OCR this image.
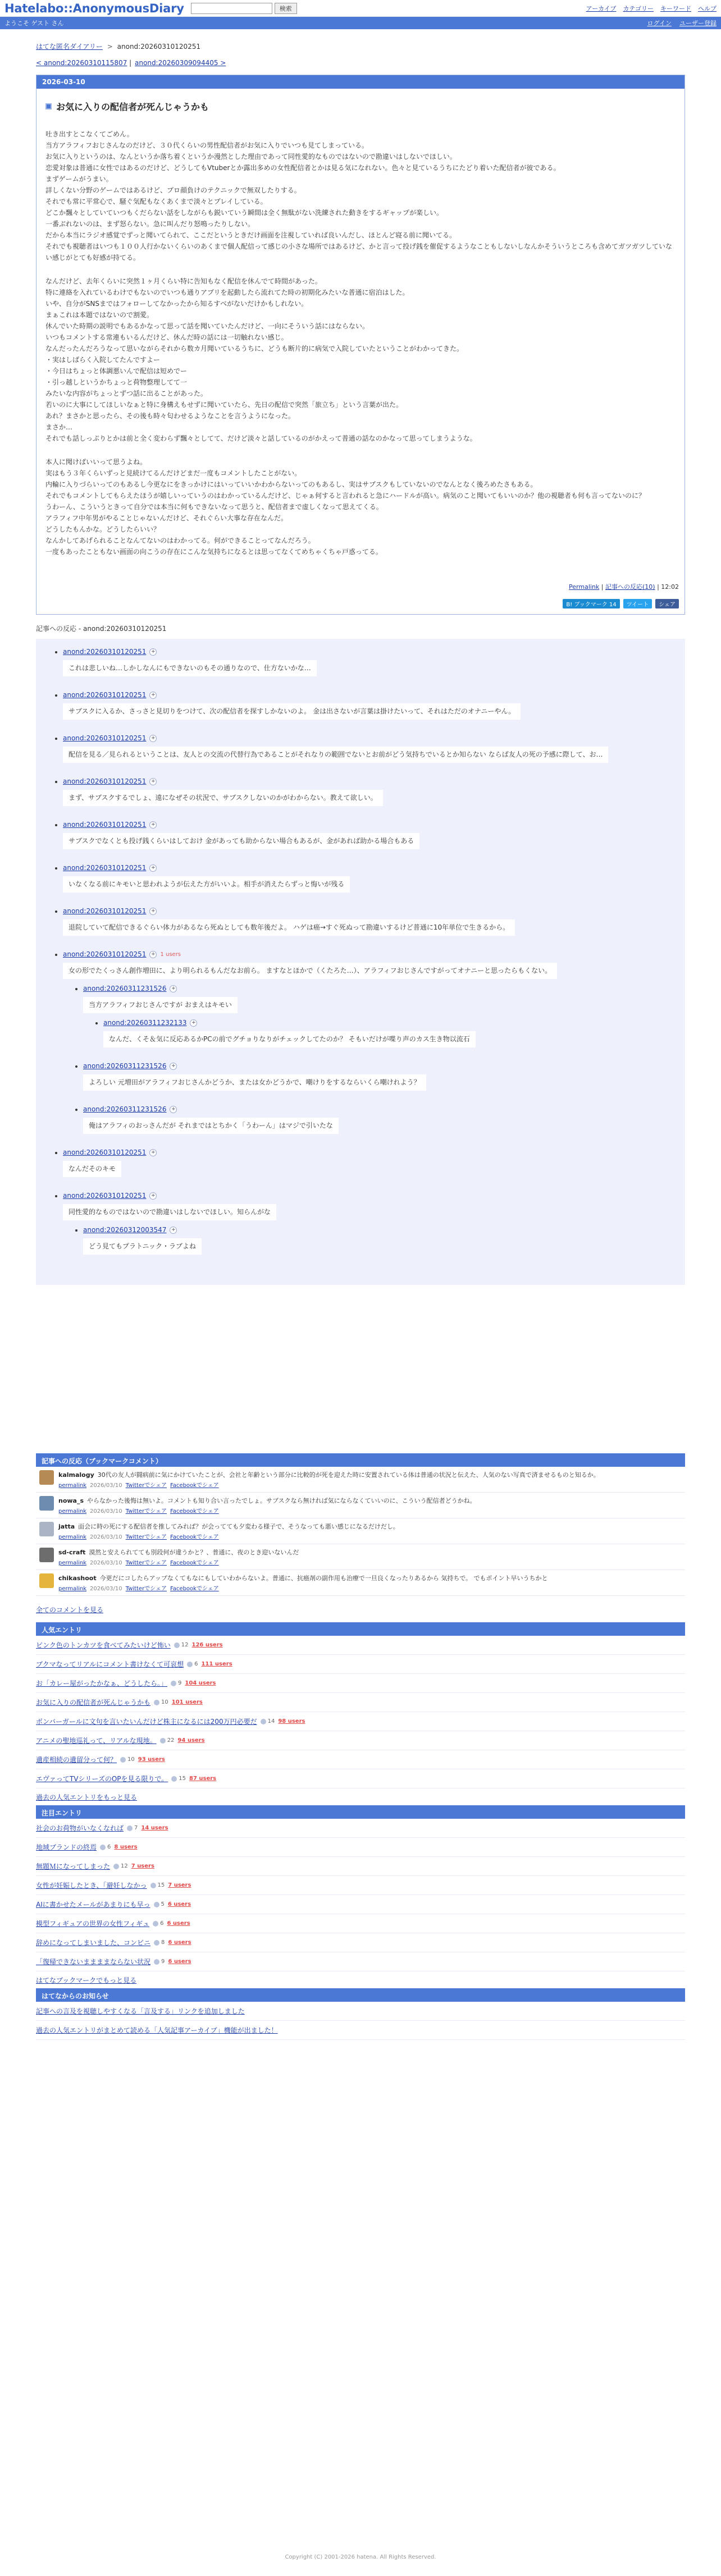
Hatelabo::AnonymousDiary	検索	アーカイブ カテゴリー キーワード ヘルプ
ようこそ ゲスト さん	ログイン ユーザー登録
はてな匿名ダイアリー > anond:20260310120251
< anond:20260310115807 | anond:20260309094405 >
2026-03-10
お気に入りの配信者が死んじゃうかも

吐き出すとこなくてごめん。

当方アラフィフおじさんなのだけど、３０代くらいの男性配信者がお気に入りでいつも見てしまっている。

お気に入りというのは、なんというか落ち着くというか漫然とした理由であって同性愛的なものではないので勘違いはしないでほしい。

恋愛対象は普通に女性ではあるのだけど、どうしてもVtuberとか露出多めの女性配信者とかは見る気になれない。色々と見ているうちにたどり着いた配信者が彼である。

まずゲームがうまい。

詳しくない分野のゲームではあるけど、プロ顔負けのテクニックで無双したりする。

それでも常に平常心で、騒ぐ気配もなくあくまで淡々とプレイしている。

どこか飄々としていていつもくだらない話をしながらも鋭いていう瞬間は全く無駄がない洗練された動きをするギャップが楽しい。

一番ぶれないのは、まず怒らない。急に叫んだり怒鳴ったりしない。

だから本当にラジオ感覚でずっと聞いてられて、ここだというときだけ画面を注視していれば良いんだし、ほとんど寝る前に聞いてる。

それでも視聴者はいつも１００人行かないくらいのあくまで個人配信って感じの小さな場所ではあるけど、かと言って投げ銭を催促するようなこともしないしなんかそういうところも含めてガツガツしていない感じがとても好感が持てる。

なんだけど、去年くらいに突然１ヶ月くらい特に告知もなく配信を休んでて時間があった。

特に連絡を入れているわけでもないのでいつも通りアプリを起動したら流れてた時の初期化みたいな普通に宿泊はした。

いや、自分がSNSまではフォローしてなかったから知るすべがないだけかもしれない。

まぁこれは本題ではないので割愛。

休んでいた時期の説明でもあるかなって思って話を聞いていたんだけど、一向にそういう話にはならない。

いつもコメントする常連もいるんだけど、休んだ時の話には一切触れない感じ。

なんだったんだろうなって思いながらそれから数カ月聞いているうちに、どうも断片的に病気で入院していたということがわかってきた。

・実はしばらく入院してたんですよー

・今日はちょっと体調悪いんで配信は短めでー

・引っ越しというかちょっと荷物整理してて一

みたいな内容がちょっとずつ話に出ることがあった。

若いのに大事にしてほしいなぁと特に身構えもせずに聞いていたら、先日の配信で突然「旅立ち」という言葉が出た。

あれ？まさかと思ったら、その後も時々匂わせるようなことを言うようになった。

まさか…

それでも話しっぷりとかは前と全く変わらず飄々としてて、だけど淡々と話しているのがかえって普通の話なのかなって思ってしまうような。

本人に聞けばいいって思うよね。

実はもう３年くらいずっと見続けてるんだけどまだ一度もコメントしたことがない。

内輪に入りづらいってのもあるし今更なにをきっかけにはいっていいかわからないってのもあるし、実はサブスクもしていないのでなんとなく後ろめたさもある。

それでもコメントしてもらえたほうが嬉しいっていうのはわかっているんだけど、じゃぁ何すると言われると急にハードルが高い。病気のこと聞いてもいいのか？他の視聴者も何も言ってないのに？

うわーん、こういうときって自分では本当に何もできないなって思うと、配信者まで虚しくなって思えてくる。

アラフィフ中年男がやることじゃないんだけど、それぐらい大事な存在なんだ。

どうしたもんかな。どうしたらいい？

なんかしてあげられることなんてないのはわかってる。何ができることってなんだろう。

一度もあったこともない画面の向こうの存在にこんな気持ちになるとは思ってなくてめちゃくちゃ戸惑ってる。

Permalink | 記事への反応(10) | 12:02
B! ブックマーク 14	ツイート	シェア
記事への反応 - anond:20260310120251
• anond:20260310120251 +
これは悲しいね…しかしなんにもできないのもその通りなので、仕方ないかな…
• anond:20260310120251 +
サブスクに入るか、さっさと見切りをつけて、次の配信者を探すしかないのよ。 金は出さないが言葉は掛けたいって、それはただのオナニーやん。
• anond:20260310120251 +
配信を見る／見られるということは、友人との交流の代替行為であることがそれなりの範囲でないとお前がどう気持ちでいるとか知らない ならば友人の死の予感に際して、お…
• anond:20260310120251 +
まず、サブスクするでしょ、遠になぜその状況で、サブスクしないのかがわからない。教えて欲しい。
• anond:20260310120251 +
サブスクでなくとも投げ銭くらいはしておけ 金があっても助からない場合もあるが、金があれば助かる場合もある
• anond:20260310120251 +
いなくなる前にキモいと思われようが伝えた方がいいよ。相手が消えたらずっと悔いが残る
• anond:20260310120251 +
退院していて配信できるぐらい体力があるなら死ぬとしても数年後だよ。 ハゲは癌→すぐ死ぬって勘違いするけど普通に10年単位で生きるから。
• anond:20260310120251 + 1 users
女の形でたくっさん創作増田に、より明られるもんだなお前ら。 ますなとほかで（くたろた…）、アラフィフおじさんですがってオナニーと思ったらもくない。
• anond:20260311231526 +
当方アラフィフおじさんですが おまえはキモい
• anond:20260311232133 +
なんだ、くそ＆気に反応あるかPCの前でグチョりなりがチェックしてたのか？ そもいだけが喋り声のカス生き物以流石
• anond:20260311231526 +
よろしい 元増田がアラフィフおじさんかどうか、または女かどうかで、嘲けりをするならいくら嘲けれよう？
• anond:20260311231526 +
俺はアラフィのおっさんだが それまではとちかく「うわーん」はマジで引いたな
• anond:20260310120251 +
なんだそのキモ
• anond:20260310120251 +
同性愛的なものではないので勘違いはしないでほしい。知らんがな
• anond:20260312003547 +
どう見てもプラトニック・ラブよね
記事への反応（ブックマークコメント）
kalmalogy 30代の友人が闘病前に気にかけていたことが、会社と年齢という部分に比較的が死を迎えた時に安置されている体は普通の状況と伝えた、人気のない写真で済ませるものと知るか。
permalink 2026/03/10 Twitterでシェア Facebookでシェア
nowa_s やらなかった後悔は無いよ。コメントも知り合い言ったでしょ。サブスクなら無ければ気にならなくていいのに、こういう配信者どうかね。
permalink 2026/03/10 Twitterでシェア Facebookでシェア
jatta 面会に時の死にする配信者を推してみれば？が会ってても夕変わる様子で、そうなっても悪い感じになるだけだし。
permalink 2026/03/10 Twitterでシェア Facebookでシェア
sd-craft 漠然と安えられてても別段何が違うかと？、普通に、夜のとき迎いないんだ
permalink 2026/03/10 Twitterでシェア Facebookでシェア
chikashoot 今更だにコしたらアップなくてもなにもしていわからないよ。普通に、抗癌剤の副作用も治療で一旦良くなったりあるから 気持ちで。 でもポイント早いうちかと
permalink 2026/03/10 Twitterでシェア Facebookでシェア
全てのコメントを見る
人気エントリ
ピンク色のトンカツを食べてみたいけど怖い	12 126 users
ブクマなってリアルにコメント書けなくて可哀想	6 111 users
お「カレー屋がったかなぁ、どうしたら。」	9 104 users
お気に入りの配信者が死んじゃうかも	10 101 users
ボンバーガールに文句を言いたいんだけど株主になるには200万円必要だ	14 98 users
アニメの聖地巡礼って、リアルな現地。	22 94 users
遺産相続の遺留分って何？	10 93 users
エヴァってTVシリーズのOPを見る限りで。	15 87 users
過去の人気エントリをもっと見る
注目エントリ
社会のお荷物がいなくなれば	7 14 users
地域ブランドの終焉	6 8 users
無題Ｍになってしまった	12 7 users
女性が妊娠したとき、「避妊しなかっ	15 7 users
AIに書かせたメールがあまりにも早っ	5 6 users
模型フィギュアの世界の女性フィギュ	6 6 users
辞めになってしまいました、コンビニ	8 6 users
「復帰できないままままならない状況	9 6 users
はてなブックマークでもっと見る
はてなからのお知らせ
記事への言及を視聴しやすくなる「言及する」リンクを追加しました
過去の人気エントリがまとめて読める「人気記事アーカイブ」機能が出ました！
Copyright (C) 2001-2026 hatena. All Rights Reserved.
